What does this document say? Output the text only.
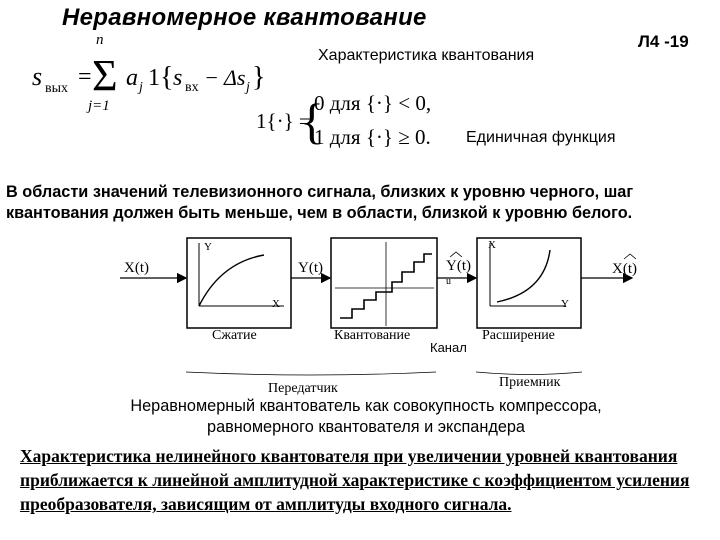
Неравномерное квантование
Л4 -19
s вых =
n
Σ
j=1
a j 1 { s вх − Δs j }
Характеристика квантования
1{·} =
{
0 для {·} < 0,
1 для {·} ≥ 0. Единичная функция
В области значений телевизионного сигнала, близких к уровню черного, шаг квантования должен быть меньше, чем в области, близкой к уровню белого.
X(t)
Y
X
Сжатие
Y(t)
Квантование
Y(t)
u
Канал
X
Y
Расширение
X(t)
Передатчик	Приемник
Неравномерный квантователь как совокупность компрессора, равномерного квантователя и экспандера
Характеристика нелинейного квантователя при увеличении уровней квантования приближается к линейной амплитудной характеристике с коэффициентом усиления преобразователя, зависящим от амплитуды входного сигнала.
